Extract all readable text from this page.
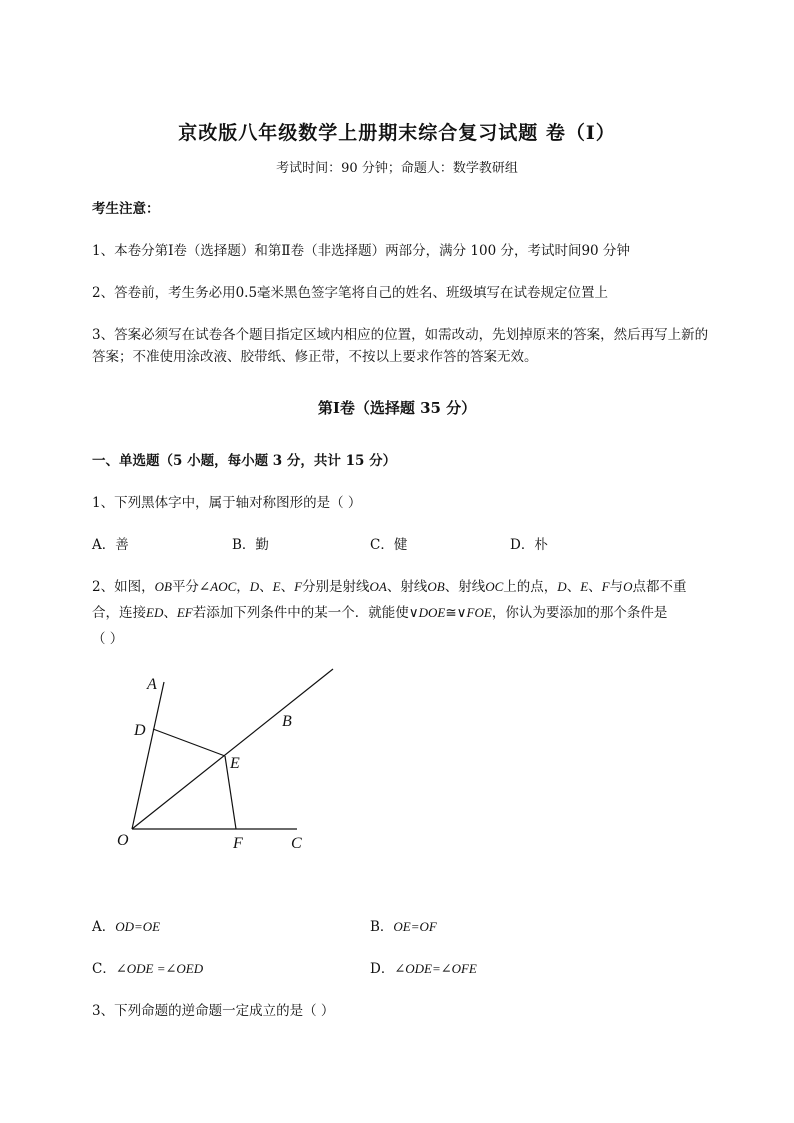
京改版八年级数学上册期末综合复习试题 卷（Ⅰ）
考试时间：90 分钟；命题人：数学教研组
考生注意：
1、本卷分第Ⅰ卷（选择题）和第Ⅱ卷（非选择题）两部分，满分 100 分，考试时间90 分钟
2、答卷前，考生务必用0.5毫米黑色签字笔将自己的姓名、班级填写在试卷规定位置上
3、答案必须写在试卷各个题目指定区域内相应的位置，如需改动，先划掉原来的答案，然后再写上新的答案；不准使用涂改液、胶带纸、修正带，不按以上要求作答的答案无效。
第Ⅰ卷（选择题 35 分）
一、单选题（5 小题，每小题 3 分，共计 15 分）
1、下列黑体字中，属于轴对称图形的是（ ）
A．善	B．勤	C．健	D．朴
2、如图，OB平分∠AOC，D、E、F分别是射线OA、射线OB、射线OC上的点，D、E、F与O点都不重
合，连接ED、EF若添加下列条件中的某一个．就能使∨DOE≅∨FOE，你认为要添加的那个条件是
（ ）
A
B
C
D
E
F
O
A．OD=OE	B．OE=OF
C．∠ODE =∠OED	D．∠ODE=∠OFE
3、下列命题的逆命题一定成立的是（ ）
